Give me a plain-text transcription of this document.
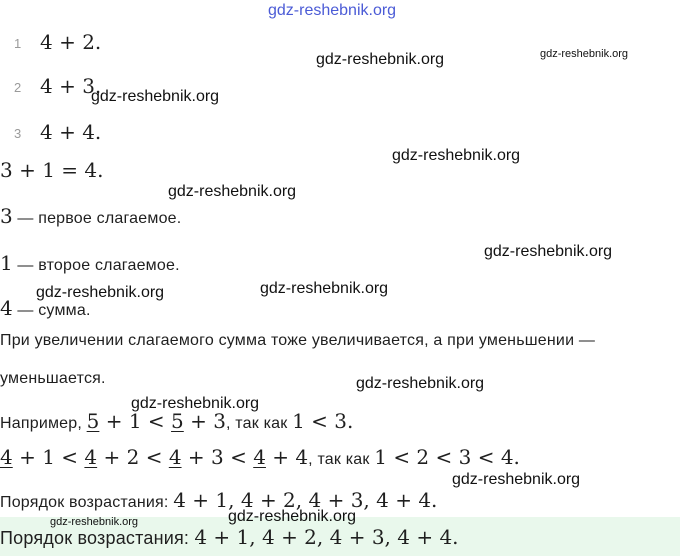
1 4 + 2.
2 4 + 3.
3 4 + 4.
3 + 1 = 4.
3 — первое слагаемое.
1 — второе слагаемое.
4 — сумма.
При увеличении слагаемого сумма тоже увеличивается, а при уменьшении —
уменьшается.
Например, 5 + 1 < 5 + 3, так как 1 < 3.
4 + 1 < 4 + 2 < 4 + 3 < 4 + 4, так как 1 < 2 < 3 < 4.
Порядок возрастания: 4 + 1, 4 + 2, 4 + 3, 4 + 4.
Порядок возрастания: 4 + 1, 4 + 2, 4 + 3, 4 + 4.
gdz-reshebnik.org
gdz-reshebnik.org	gdz-reshebnik.org
gdz-reshebnik.org
gdz-reshebnik.org
gdz-reshebnik.org
gdz-reshebnik.org
gdz-reshebnik.org	gdz-reshebnik.org
gdz-reshebnik.org
gdz-reshebnik.org
gdz-reshebnik.org
gdz-reshebnik.org
gdz-reshebnik.org
